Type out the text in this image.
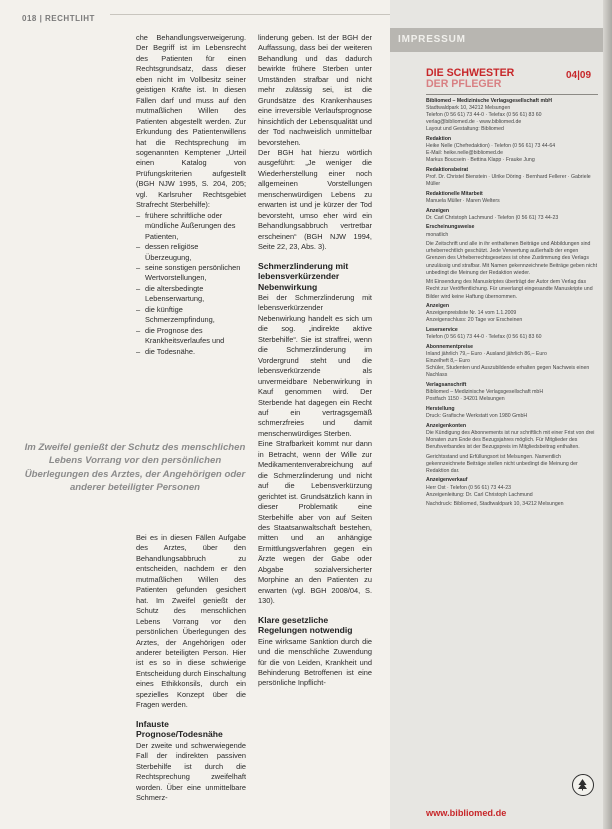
018 | RECHTLIHT

che Behandlungsverweigerung. Der Begriff ist im Lebensrecht des Patienten für einen Rechtsgrundsatz, dass dieser eben nicht im Vollbesitz seiner geistigen Kräfte ist. In diesen Fällen darf und muss auf den mutmaßlichen Willen des Patienten abgestellt werden. Zur Erkundung des Patientenwillens hat die Rechtsprechung im sogenannten Kemptener „Urteil einen Katalog von Prüfungskriterien aufgestellt (BGH NJW 1995, S. 204, 205; vgl. Karlsruher Rechtsgebiet Strafrecht Sterbehilfe):

– frühere schriftliche oder mündliche Äußerungen des Patienten,
– dessen religiöse Überzeugung,
– seine sonstigen persönlichen Wertvorstellungen,
– die altersbedingte Lebenserwartung,
– die künftige Schmerzempfindung,
– die Prognose des Krankheitsverlaufes und
– die Todesnähe.
Im Zweifel genießt der Schutz des menschlichen Lebens Vorrang vor den persönlichen Überlegungen des Arztes, der Angehörigen oder anderer beteiligter Personen

Bei es in diesen Fällen Aufgabe des Arztes, über den Behandlungsabbruch zu entscheiden, nachdem er den mutmaßlichen Willen des Patienten gefunden gesichert hat. Im Zweifel genießt der Schutz des menschlichen Lebens Vorrang vor den persönlichen Überlegungen des Arztes, der Angehörigen oder anderer beteiligten Person. Hier ist es so in diese schwierige Entscheidung durch Einschaltung eines Ethikkonsils, durch ein spezielles Konzept über die Fragen werden.

Infauste Prognose/Todesnähe

Der zweite und schwerwiegende Fall der indirekten passiven Sterbehilfe ist durch die Rechtsprechung zweifelhaft worden. Über eine unmittelbare Schmerz-

linderung geben. Ist der BGH der Auffassung, dass bei der weiteren Behandlung und das dadurch bewirkte frühere Sterben unter Umständen strafbar und nicht mehr zulässig sei, ist die Grundsätze des Krankenhauses eine irreversible Verlaufsprognose hinsichtlich der Lebensqualität und der Tod nachweislich unmittelbar bevorstehen.

Der BGH hat hierzu wörtlich ausgeführt: „Je weniger die Wiederherstellung einer noch allgemeinen Vorstellungen menschenwürdigen Lebens zu erwarten ist und je kürzer der Tod bevorsteht, umso eher wird ein Behandlungsabbruch vertretbar erscheinen“ (BGH NJW 1994, Seite 22, 23, Abs. 3).

Schmerzlinderung mit lebensverkürzender Nebenwirkung

Bei der Schmerzlinderung mit lebensverkürzender Nebenwirkung handelt es sich um die sog. „indirekte aktive Sterbehilfe“. Sie ist straffrei, wenn die Schmerzlinderung im Vordergrund steht und die lebensverkürzende als unvermeidbare Nebenwirkung in Kauf genommen wird. Der Sterbende hat dagegen ein Recht auf ein vertragsgemäß schmerzfreies und damit menschenwürdiges Sterben.

Eine Strafbarkeit kommt nur dann in Betracht, wenn der Wille zur Medikamentenverabreichung auf die Schmerzlinderung und nicht auf die Lebensverkürzung gerichtet ist. Grundsätzlich kann in dieser Problematik eine Sterbehilfe aber von auf Seiten des Staatsanwaltschaft bestehen, mitten und an anhängige Ermittlungsverfahren gegen ein Ärzte wegen der Gabe oder Abgabe sozialversicherter Morphine an den Patienten zu erwarten (vgl. BGH 2008/04, S. 130).

Klare gesetzliche Regelungen notwendig

Eine wirksame Sanktion durch die und die menschliche Zuwendung für die von Leiden, Krankheit und Behinderung Betroffenen ist eine persönliche Inpflicht-

IMPRESSUM
DIE SCHWESTER
DER PFLEGER
04|09
Bibliomed – Medizinische Verlagsgesellschaft mbH
Stadtwaldpark 10, 34212 Melsungen
Telefon (0 56 61) 73 44-0 · Telefax (0 56 61) 83 60
verlag@bibliomed.de · www.bibliomed.de
Layout und Gestaltung: Bibliomed
Redaktion
Heike Nelle (Chefredaktion) · Telefon (0 56 61) 73 44-64
E-Mail: heike.nelle@bibliomed.de
Markus Boucsein · Bettina Klapp · Frauke Jung
Redaktionsbeirat
Prof. Dr. Christel Bienstein · Ulrike Döring · Bernhard Fellerer · Gabriele Müller
Redaktionelle Mitarbeit
Manuela Müller · Maren Welters
Anzeigen
Dr. Carl Christoph Lachmund · Telefon (0 56 61) 73 44-23
Erscheinungsweise
monatlich
Die Zeitschrift und alle in ihr enthaltenen Beiträge und Abbildungen sind urheberrechtlich geschützt. Jede Verwertung außerhalb der engen Grenzen des Urheberrechtsgesetzes ist ohne Zustimmung des Verlags unzulässig und strafbar. Mit Namen gekennzeichnete Beiträge geben nicht unbedingt die Meinung der Redaktion wieder.
Mit Einsendung des Manuskriptes überträgt der Autor dem Verlag das Recht zur Veröffentlichung. Für unverlangt eingesandte Manuskripte und Bilder wird keine Haftung übernommen.
Anzeigen
Anzeigenpreisliste Nr. 14 vom 1.1.2009
Anzeigenschluss: 20 Tage vor Erscheinen
Leserservice
Telefon (0 56 61) 73 44-0 · Telefax (0 56 61) 83 60
Abonnementpreise
Inland jährlich 79,– Euro · Ausland jährlich 86,– Euro
Einzelheft 8,– Euro
Schüler, Studenten und Auszubildende erhalten gegen Nachweis einen Nachlass
Verlagsanschrift
Bibliomed – Medizinische Verlagsgesellschaft mbH
Postfach 1150 · 34201 Melsungen
Herstellung
Druck: Grafische Werkstatt von 1980 GmbH
Anzeigenkonten
Die Kündigung des Abonnements ist nur schriftlich mit einer Frist von drei Monaten zum Ende des Bezugsjahres möglich. Für Mitglieder des Berufsverbandes ist der Bezugspreis im Mitgliedsbeitrag enthalten.
Gerichtsstand und Erfüllungsort ist Melsungen. Namentlich gekennzeichnete Beiträge stellen nicht unbedingt die Meinung der Redaktion dar.
Anzeigenverkauf
Herr Ost · Telefon (0 56 61) 73 44-23
Anzeigenleitung: Dr. Carl Christoph Lachmund
Nachdruck: Bibliomed, Stadtwaldpark 10, 34212 Melsungen
www.bibliomed.de
